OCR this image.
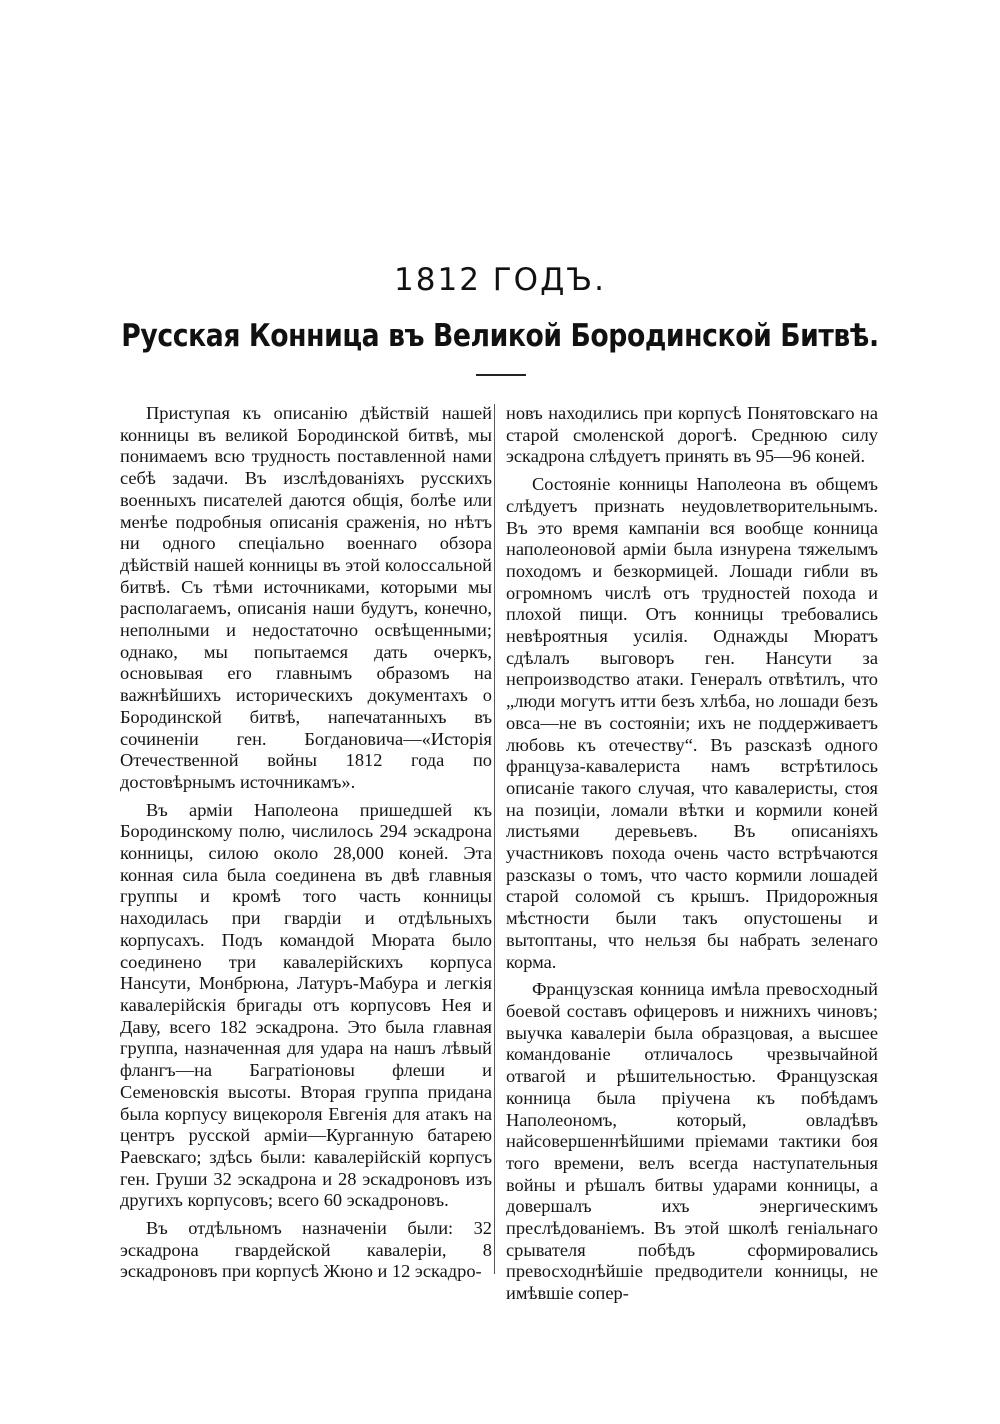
1812 ГОДЪ.
Русская Конница въ Великой Бородинской Битвѣ.

Приступая къ описанію дѣйствій нашей конницы въ великой Бородинской битвѣ, мы понимаемъ всю трудность поставленной нами себѣ задачи. Въ изслѣдованіяхъ русскихъ военныхъ писателей даются общія, болѣе или менѣе подробныя описанія сраженія, но нѣтъ ни одного спеціально военнаго обзора дѣйствій нашей конницы въ этой колоссальной битвѣ. Съ тѣми источниками, которыми мы располагаемъ, описанія наши будутъ, конечно, неполными и недостаточно освѣщенными; однако, мы попытаемся дать очеркъ, основывая его главнымъ образомъ на важнѣйшихъ историческихъ документахъ о Бородинской битвѣ, напечатанныхъ въ сочиненіи ген. Богдановича—«Исторія Отечественной войны 1812 года по достовѣрнымъ источникамъ».

Въ арміи Наполеона пришедшей къ Бородинскому полю, числилось 294 эскадрона конницы, силою около 28,000 коней. Эта конная сила была соединена въ двѣ главныя группы и кромѣ того часть конницы находилась при гвардіи и отдѣльныхъ корпусахъ. Подъ командой Мюрата было соединено три кавалерійскихъ корпуса Нансути, Монбрюна, Латуръ-Мабура и легкія кавалерійскія бригады отъ корпусовъ Нея и Даву, всего 182 эскадрона. Это была главная группа, назначенная для удара на нашъ лѣвый флангъ—на Багратіоновы флеши и Семеновскія высоты. Вторая группа придана была корпусу вицекороля Евгенія для атакъ на центръ русской арміи—Курганную батарею Раевскаго; здѣсь были: кавалерійскій корпусъ ген. Груши 32 эскадрона и 28 эскадроновъ изъ другихъ корпусовъ; всего 60 эскадроновъ.

Въ отдѣльномъ назначеніи были: 32 эскадрона гвардейской кавалеріи, 8 эскадроновъ при корпусѣ Жюно и 12 эскадро-

новъ находились при корпусѣ Понятовскаго на старой смоленской дорогѣ. Среднюю силу эскадрона слѣдуетъ принять въ 95—96 коней.

Состояніе конницы Наполеона въ общемъ слѣдуетъ признать неудовлетворительнымъ. Въ это время кампаніи вся вообще конница наполеоновой арміи была изнурена тяжелымъ походомъ и безкормицей. Лошади гибли въ огромномъ числѣ отъ трудностей похода и плохой пищи. Отъ конницы требовались невѣроятныя усилія. Однажды Мюратъ сдѣлалъ выговоръ ген. Нансути за непроизводство атаки. Генералъ отвѣтилъ, что „люди могутъ итти безъ хлѣба, но лошади безъ овса—не въ состояніи; ихъ не поддерживаетъ любовь къ отечеству“. Въ разсказѣ одного француза-кавалериста намъ встрѣтилось описаніе такого случая, что кавалеристы, стоя на позиціи, ломали вѣтки и кормили коней листьями деревьевъ. Въ описаніяхъ участниковъ похода очень часто встрѣчаются разсказы о томъ, что часто кормили лошадей старой соломой съ крышъ. Придорожныя мѣстности были такъ опустошены и вытоптаны, что нельзя бы набрать зеленаго корма.

Французская конница имѣла превосходный боевой составъ офицеровъ и нижнихъ чиновъ; выучка кавалеріи была образцовая, а высшее командованіе отличалось чрезвычайной отвагой и рѣшительностью. Французская конница была пріучена къ побѣдамъ Наполеономъ, который, овладѣвъ найсовершеннѣйшими пріемами тактики боя того времени, велъ всегда наступательныя войны и рѣшалъ битвы ударами конницы, а довершалъ ихъ энергическимъ преслѣдованіемъ. Въ этой школѣ геніальнаго срывателя побѣдъ сформировались превосходнѣйшіе предводители конницы, не имѣвшіе сопер-
